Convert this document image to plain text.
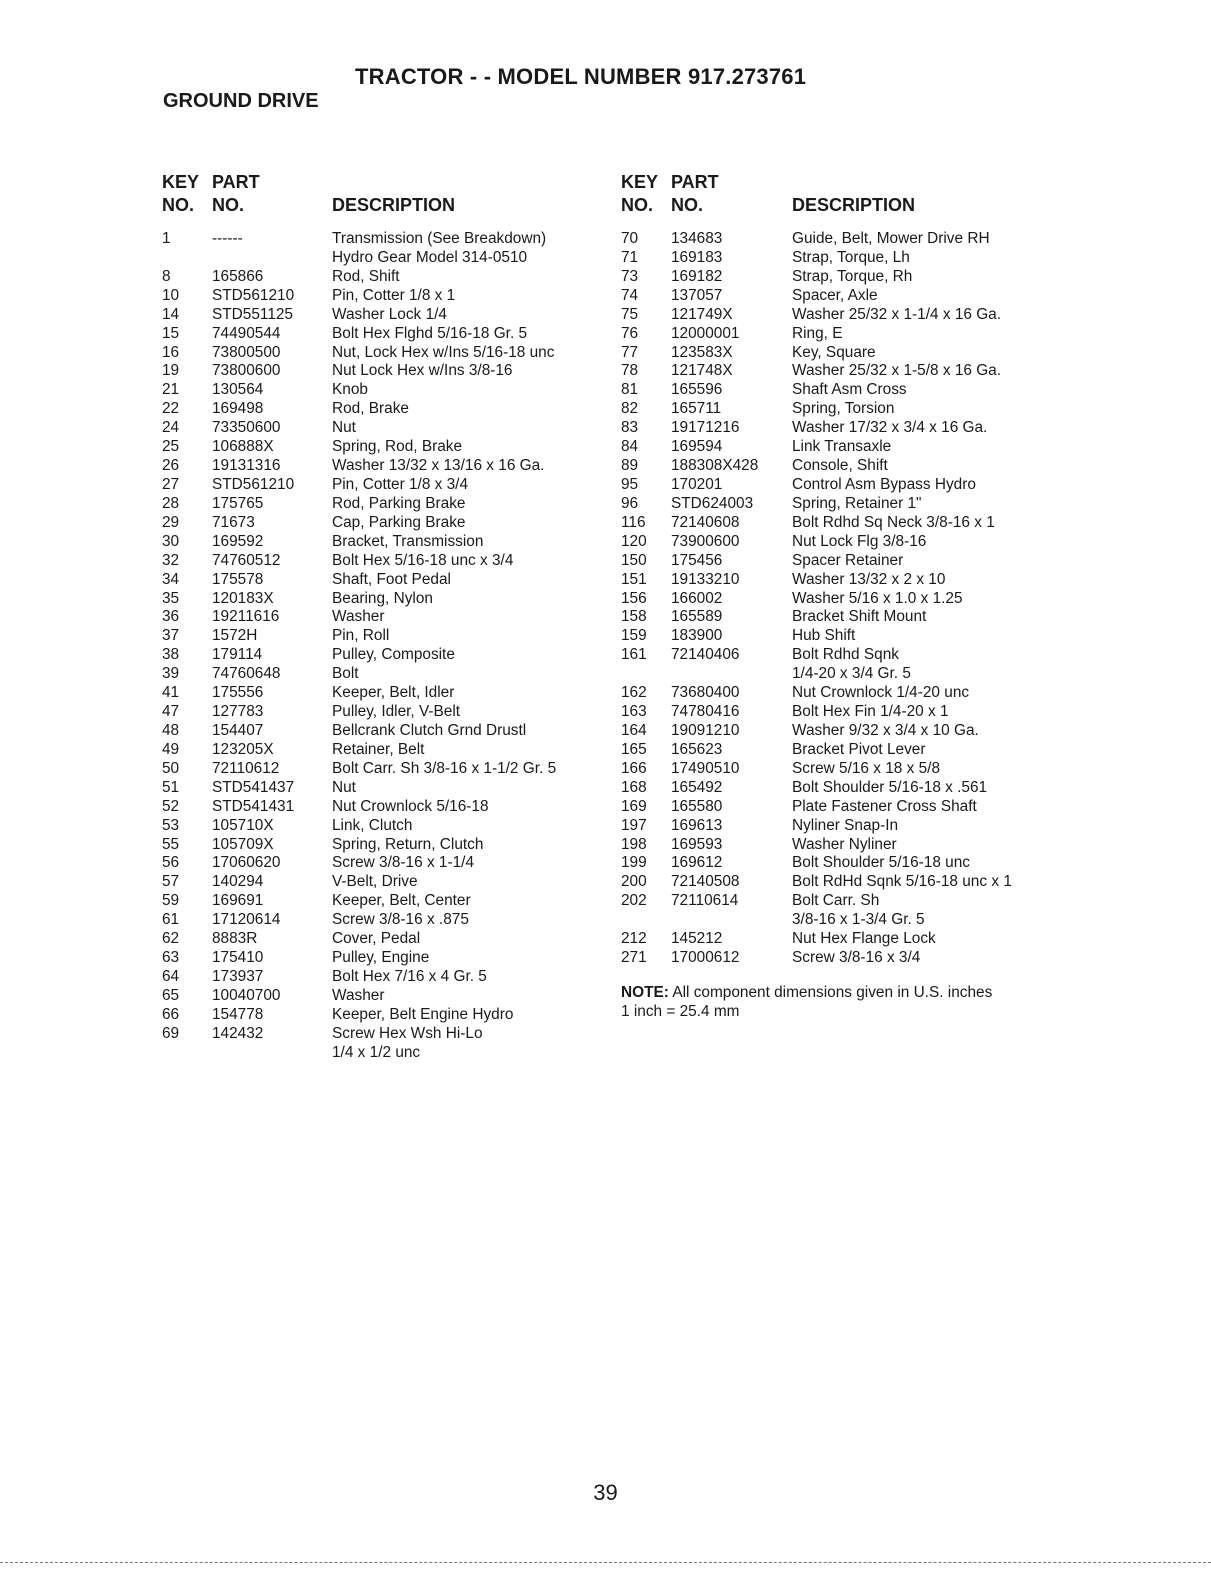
TRACTOR - - MODEL NUMBER 917.273761
GROUND DRIVE
KEY
NO.
PART
NO.	DESCRIPTION
1	------	Transmission (See Breakdown)
Hydro Gear Model 314-0510
8	165866	Rod, Shift
10 STD561210 Pin, Cotter 1/8 x 1
14 STD551125	Washer Lock 1/4
15 74490544	Bolt Hex Flghd 5/16-18 Gr. 5
16 73800500	Nut, Lock Hex w/Ins 5/16-18 unc
19 73800600	Nut Lock Hex w/Ins 3/8-16
21 130564	Knob
22 169498	Rod, Brake
24 73350600	Nut
25 106888X	Spring, Rod, Brake
26 19131316	Washer 13/32 x 13/16 x 16 Ga.
27 STD561210 Pin, Cotter 1/8 x 3/4
28 175765	Rod, Parking Brake
29 71673	Cap, Parking Brake
30 169592	Bracket, Transmission
32 74760512	Bolt Hex 5/16-18 unc x 3/4
34 175578	Shaft, Foot Pedal
35 120183X	Bearing, Nylon
36 19211616	Washer
37 1572H	Pin, Roll
38 179114	Pulley, Composite
39 74760648	Bolt
41 175556	Keeper, Belt, Idler
47 127783	Pulley, Idler, V-Belt
48 154407	Bellcrank Clutch Grnd Drustl
49 123205X	Retainer, Belt
50 72110612	Bolt Carr. Sh 3/8-16 x 1-1/2 Gr. 5
51 STD541437 Nut
52 STD541431 Nut Crownlock 5/16-18
53 105710X	Link, Clutch
55 105709X	Spring, Return, Clutch
56 17060620	Screw 3/8-16 x 1-1/4
57 140294	V-Belt, Drive
59 169691	Keeper, Belt, Center
61 17120614	Screw 3/8-16 x .875
62 8883R	Cover, Pedal
63 175410	Pulley, Engine
64 173937	Bolt Hex 7/16 x 4 Gr. 5
65 10040700	Washer
66 154778	Keeper, Belt Engine Hydro
69 142432	Screw Hex Wsh Hi-Lo
1/4 x 1/2 unc
KEY
NO.
PART
NO.	DESCRIPTION
70 134683	Guide, Belt, Mower Drive RH
71 169183	Strap, Torque, Lh
73 169182	Strap, Torque, Rh
74 137057	Spacer, Axle
75 121749X	Washer 25/32 x 1-1/4 x 16 Ga.
76 12000001	Ring, E
77 123583X	Key, Square
78 121748X	Washer 25/32 x 1-5/8 x 16 Ga.
81 165596	Shaft Asm Cross
82 165711	Spring, Torsion
83 19171216	Washer 17/32 x 3/4 x 16 Ga.
84 169594	Link Transaxle
89 188308X428 Console, Shift
95 170201	Control Asm Bypass Hydro
96 STD624003	Spring, Retainer 1"
116 72140608	Bolt Rdhd Sq Neck 3/8-16 x 1
120 73900600	Nut Lock Flg 3/8-16
150 175456	Spacer Retainer
151 19133210	Washer 13/32 x 2 x 10
156 166002	Washer 5/16 x 1.0 x 1.25
158 165589	Bracket Shift Mount
159 183900	Hub Shift
161 72140406	Bolt Rdhd Sqnk
1/4-20 x 3/4 Gr. 5
162 73680400	Nut Crownlock 1/4-20 unc
163 74780416	Bolt Hex Fin 1/4-20 x 1
164 19091210	Washer 9/32 x 3/4 x 10 Ga.
165 165623	Bracket Pivot Lever
166 17490510	Screw 5/16 x 18 x 5/8
168 165492	Bolt Shoulder 5/16-18 x .561
169 165580	Plate Fastener Cross Shaft
197 169613	Nyliner Snap-In
198 169593	Washer Nyliner
199 169612	Bolt Shoulder 5/16-18 unc
200 72140508	Bolt RdHd Sqnk 5/16-18 unc x 1
202 72110614	Bolt Carr. Sh
3/8-16 x 1-3/4 Gr. 5
212 145212	Nut Hex Flange Lock
271 17000612	Screw 3/8-16 x 3/4
NOTE: All component dimensions given in U.S. inches
1 inch = 25.4 mm
39
